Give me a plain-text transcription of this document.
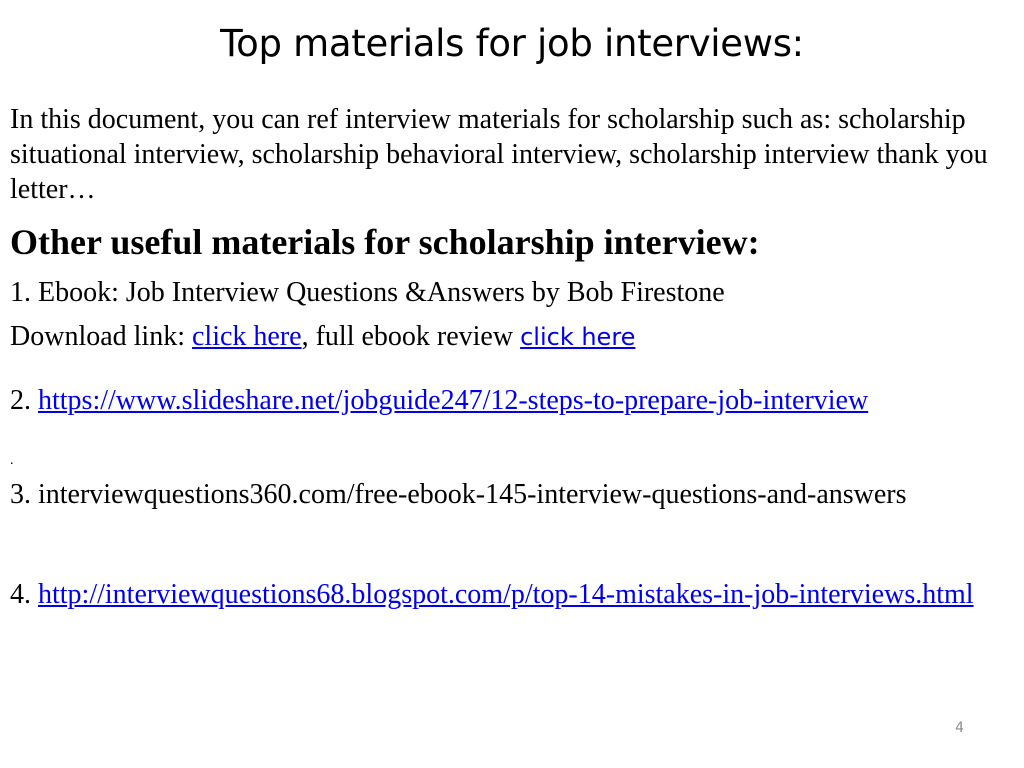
Top materials for job interviews:

In this document, you can ref interview materials for scholarship such as: scholarship situational interview, scholarship behavioral interview, scholarship interview thank you letter…

Other useful materials for scholarship interview:

1. Ebook: Job Interview Questions &Answers by Bob Firestone

Download link: click here, full ebook review click here

2. https://www.slideshare.net/jobguide247/12-steps-to-prepare-job-interview

.

3. interviewquestions360.com/free-ebook-145-interview-questions-and-answers

4. http://interviewquestions68.blogspot.com/p/top-14-mistakes-in-job-interviews.html

4
